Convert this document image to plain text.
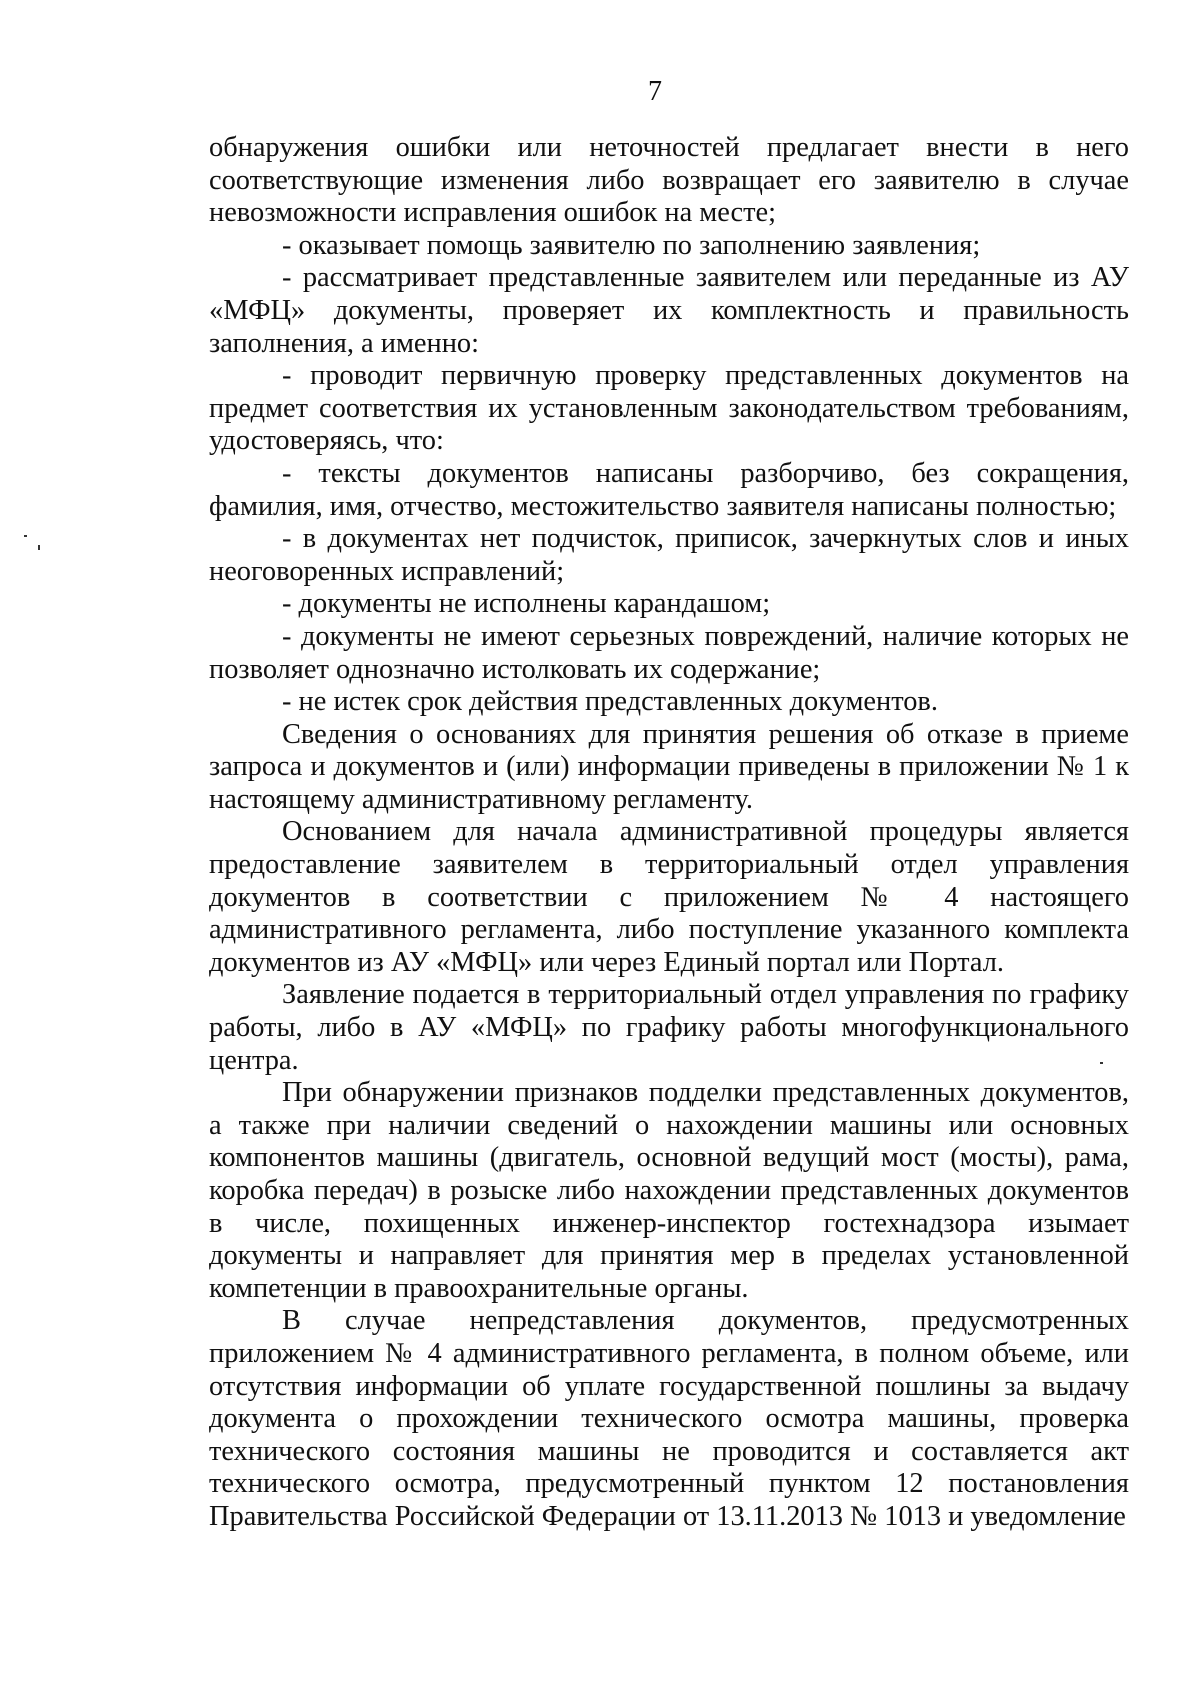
7

обнаружения ошибки или неточностей предлагает внести в него соответствующие изменения либо возвращает его заявителю в случае невозможности исправления ошибок на месте;

- оказывает помощь заявителю по заполнению заявления;

- рассматривает представленные заявителем или переданные из АУ «МФЦ» документы, проверяет их комплектность и правильность заполнения, а именно:

- проводит первичную проверку представленных документов на предмет соответствия их установленным законодательством требованиям, удостоверяясь, что:

- тексты документов написаны разборчиво, без сокращения, фамилия, имя, отчество, местожительство заявителя написаны полностью;

- в документах нет подчисток, приписок, зачеркнутых слов и иных неоговоренных исправлений;

- документы не исполнены карандашом;

- документы не имеют серьезных повреждений, наличие которых не позволяет однозначно истолковать их содержание;

- не истек срок действия представленных документов.

Сведения о основаниях для принятия решения об отказе в приеме запроса и документов и (или) информации приведены в приложении № 1 к настоящему административному регламенту.

Основанием для начала административной процедуры является предоставление заявителем в территориальный отдел управления документов в соответствии с приложением № 4 настоящего административного регламента, либо поступление указанного комплекта документов из АУ «МФЦ» или через Единый портал или Портал.

Заявление подается в территориальный отдел управления по графику работы, либо в АУ «МФЦ» по графику работы многофункционального центра.

При обнаружении признаков подделки представленных документов, а также при наличии сведений о нахождении машины или основных компонентов машины (двигатель, основной ведущий мост (мосты), рама, коробка передач) в розыске либо нахождении представленных документов в числе, похищенных инженер-инспектор гостехнадзора изымает документы и направляет для принятия мер в пределах установленной компетенции в правоохранительные органы.

В случае непредставления документов, предусмотренных приложением № 4 административного регламента, в полном объеме, или отсутствия информации об уплате государственной пошлины за выдачу документа о прохождении технического осмотра машины, проверка технического состояния машины не проводится и составляется акт технического осмотра, предусмотренный пунктом 12 постановления Правительства Российской Федерации от 13.11.2013 № 1013 и уведомление
